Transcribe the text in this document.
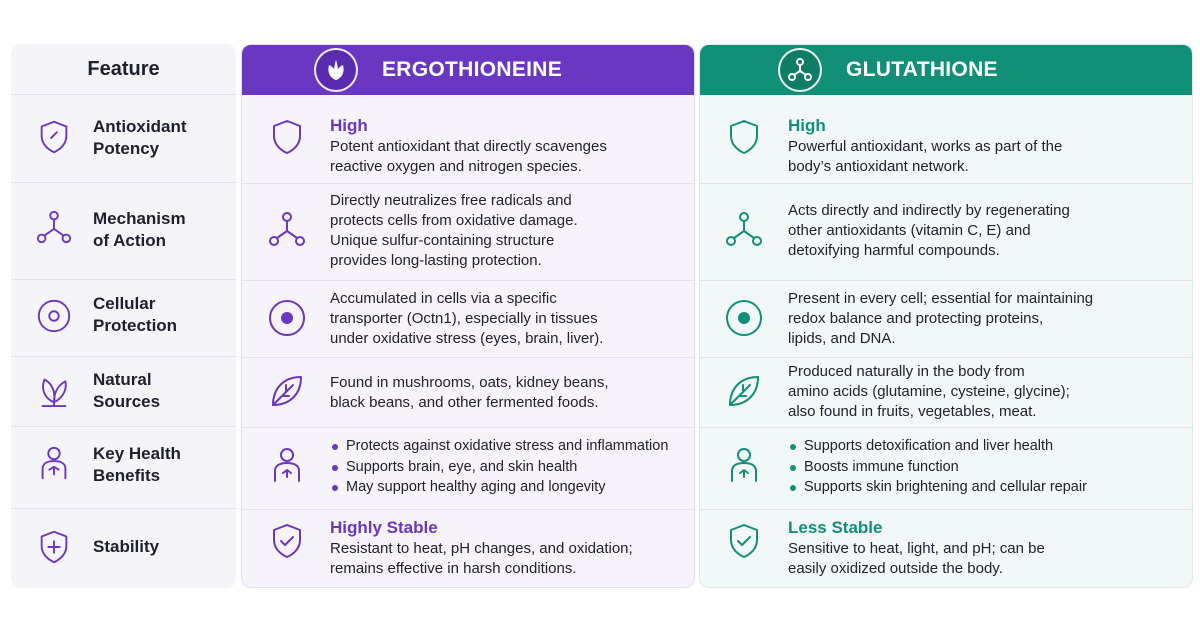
Feature
Antioxidant
Potency
Mechanism
of Action
Cellular
Protection
Natural
Sources
Key Health
Benefits
Stability
ERGOTHIONEINE
High
Potent antioxidant that directly scavenges
reactive oxygen and nitrogen species.
Directly neutralizes free radicals and
protects cells from oxidative damage.
Unique sulfur-containing structure
provides long-lasting protection.
Accumulated in cells via a specific
transporter (Octn1), especially in tissues
under oxidative stress (eyes, brain, liver).
Found in mushrooms, oats, kidney beans,
black beans, and other fermented foods.
Protects against oxidative stress and inflammation
Supports brain, eye, and skin health
May support healthy aging and longevity
Highly Stable
Resistant to heat, pH changes, and oxidation;
remains effective in harsh conditions.
GLUTATHIONE
High
Powerful antioxidant, works as part of the
body’s antioxidant network.
Acts directly and indirectly by regenerating
other antioxidants (vitamin C, E) and
detoxifying harmful compounds.
Present in every cell; essential for maintaining
redox balance and protecting proteins,
lipids, and DNA.
Produced naturally in the body from
amino acids (glutamine, cysteine, glycine);
also found in fruits, vegetables, meat.
Supports detoxification and liver health
Boosts immune function
Supports skin brightening and cellular repair
Less Stable
Sensitive to heat, light, and pH; can be
easily oxidized outside the body.
